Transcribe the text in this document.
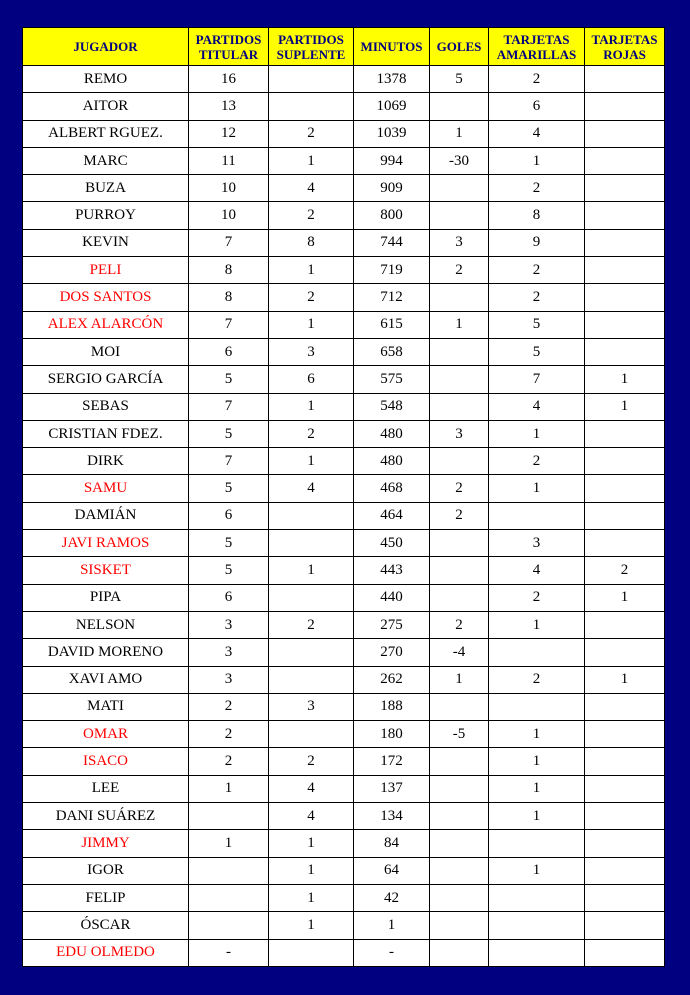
JUGADOR	PARTIDOS TITULAR	PARTIDOS SUPLENTE	MINUTOS	GOLES	TARJETAS AMARILLAS	TARJETAS ROJAS
REMO	16		1378	5	2	
AITOR	13		1069		6	
ALBERT RGUEZ.	12	2	1039	1	4	
MARC	11	1	994	-30	1	
BUZA	10	4	909		2	
PURROY	10	2	800		8	
KEVIN	7	8	744	3	9	
PELI	8	1	719	2	2	
DOS SANTOS	8	2	712		2	
ALEX ALARCÓN	7	1	615	1	5	
MOI	6	3	658		5	
SERGIO GARCÍA	5	6	575		7	1
SEBAS	7	1	548		4	1
CRISTIAN FDEZ.	5	2	480	3	1	
DIRK	7	1	480		2	
SAMU	5	4	468	2	1	
DAMIÁN	6		464	2		
JAVI RAMOS	5		450		3	
SISKET	5	1	443		4	2
PIPA	6		440		2	1
NELSON	3	2	275	2	1	
DAVID MORENO	3		270	-4		
XAVI AMO	3		262	1	2	1
MATI	2	3	188			
OMAR	2		180	-5	1	
ISACO	2	2	172		1	
LEE	1	4	137		1	
DANI SUÁREZ		4	134		1	
JIMMY	1	1	84			
IGOR		1	64		1	
FELIP		1	42			
ÓSCAR		1	1			
EDU OLMEDO	-		-			
